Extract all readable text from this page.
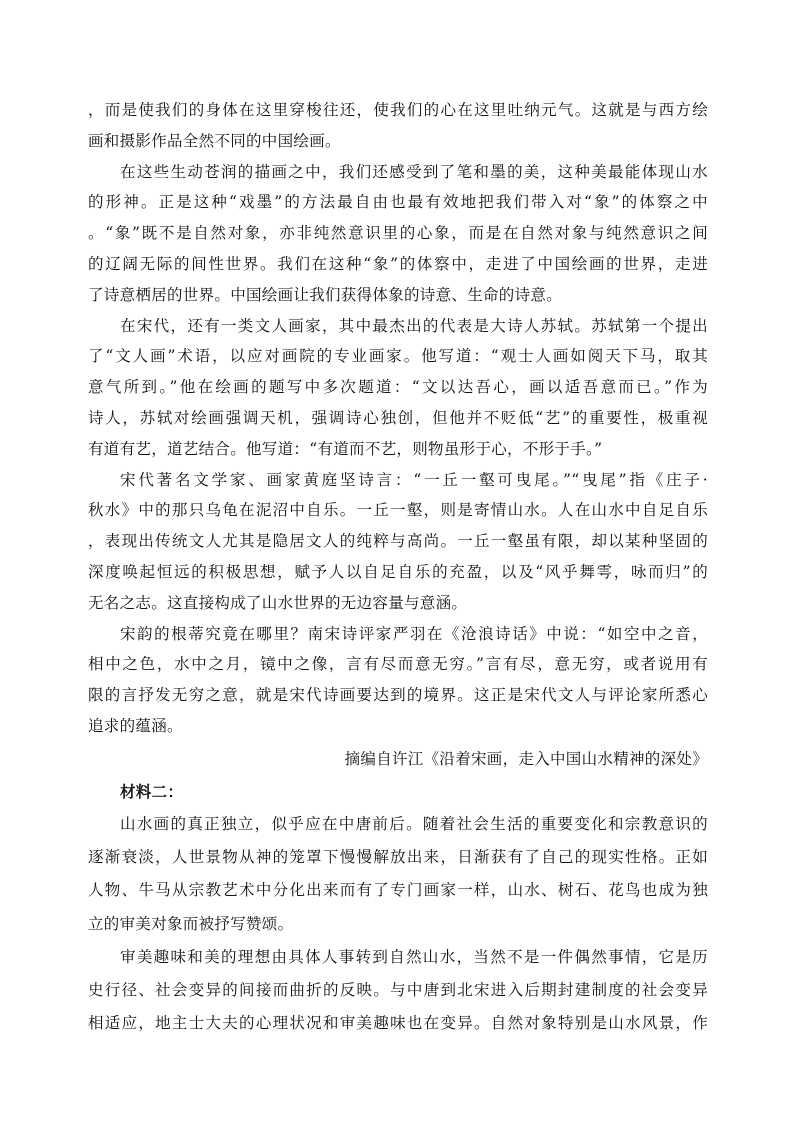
，而是使我们的身体在这里穿梭往还，使我们的心在这里吐纳元气。这就是与西方绘
画和摄影作品全然不同的中国绘画。
在这些生动苍润的描画之中，我们还感受到了笔和墨的美，这种美最能体现山水
的形神。正是这种“戏墨”的方法最自由也最有效地把我们带入对“象”的体察之中
。“象”既不是自然对象，亦非纯然意识里的心象，而是在自然对象与纯然意识之间
的辽阔无际的间性世界。我们在这种“象”的体察中，走进了中国绘画的世界，走进
了诗意栖居的世界。中国绘画让我们获得体象的诗意、生命的诗意。
在宋代，还有一类文人画家，其中最杰出的代表是大诗人苏轼。苏轼第一个提出
了“文人画”术语，以应对画院的专业画家。他写道：“观士人画如阅天下马，取其
意气所到。”他在绘画的题写中多次题道：“文以达吾心，画以适吾意而已。”作为
诗人，苏轼对绘画强调天机，强调诗心独创，但他并不贬低“艺”的重要性，极重视
有道有艺，道艺结合。他写道：“有道而不艺，则物虽形于心，不形于手。”
宋代著名文学家、画家黄庭坚诗言：“一丘一壑可曳尾。”“曳尾”指《庄子·
秋水》中的那只乌龟在泥沼中自乐。一丘一壑，则是寄情山水。人在山水中自足自乐
，表现出传统文人尤其是隐居文人的纯粹与高尚。一丘一壑虽有限，却以某种坚固的
深度唤起恒远的积极思想，赋予人以自足自乐的充盈，以及“风乎舞雩，咏而归”的
无名之志。这直接构成了山水世界的无边容量与意涵。
宋韵的根蒂究竟在哪里？南宋诗评家严羽在《沧浪诗话》中说：“如空中之音，
相中之色，水中之月，镜中之像，言有尽而意无穷。”言有尽，意无穷，或者说用有
限的言抒发无穷之意，就是宋代诗画要达到的境界。这正是宋代文人与评论家所悉心
追求的蕴涵。
摘编自许江《沿着宋画，走入中国山水精神的深处》
材料二：
山水画的真正独立，似乎应在中唐前后。随着社会生活的重要变化和宗教意识的
逐渐衰淡，人世景物从神的笼罩下慢慢解放出来，日渐获有了自己的现实性格。正如
人物、牛马从宗教艺术中分化出来而有了专门画家一样，山水、树石、花鸟也成为独
立的审美对象而被抒写赞颂。
审美趣味和美的理想由具体人事转到自然山水，当然不是一件偶然事情，它是历
史行径、社会变异的间接而曲折的反映。与中唐到北宋进入后期封建制度的社会变异
相适应，地主士大夫的心理状况和审美趣味也在变异。自然对象特别是山水风景，作
